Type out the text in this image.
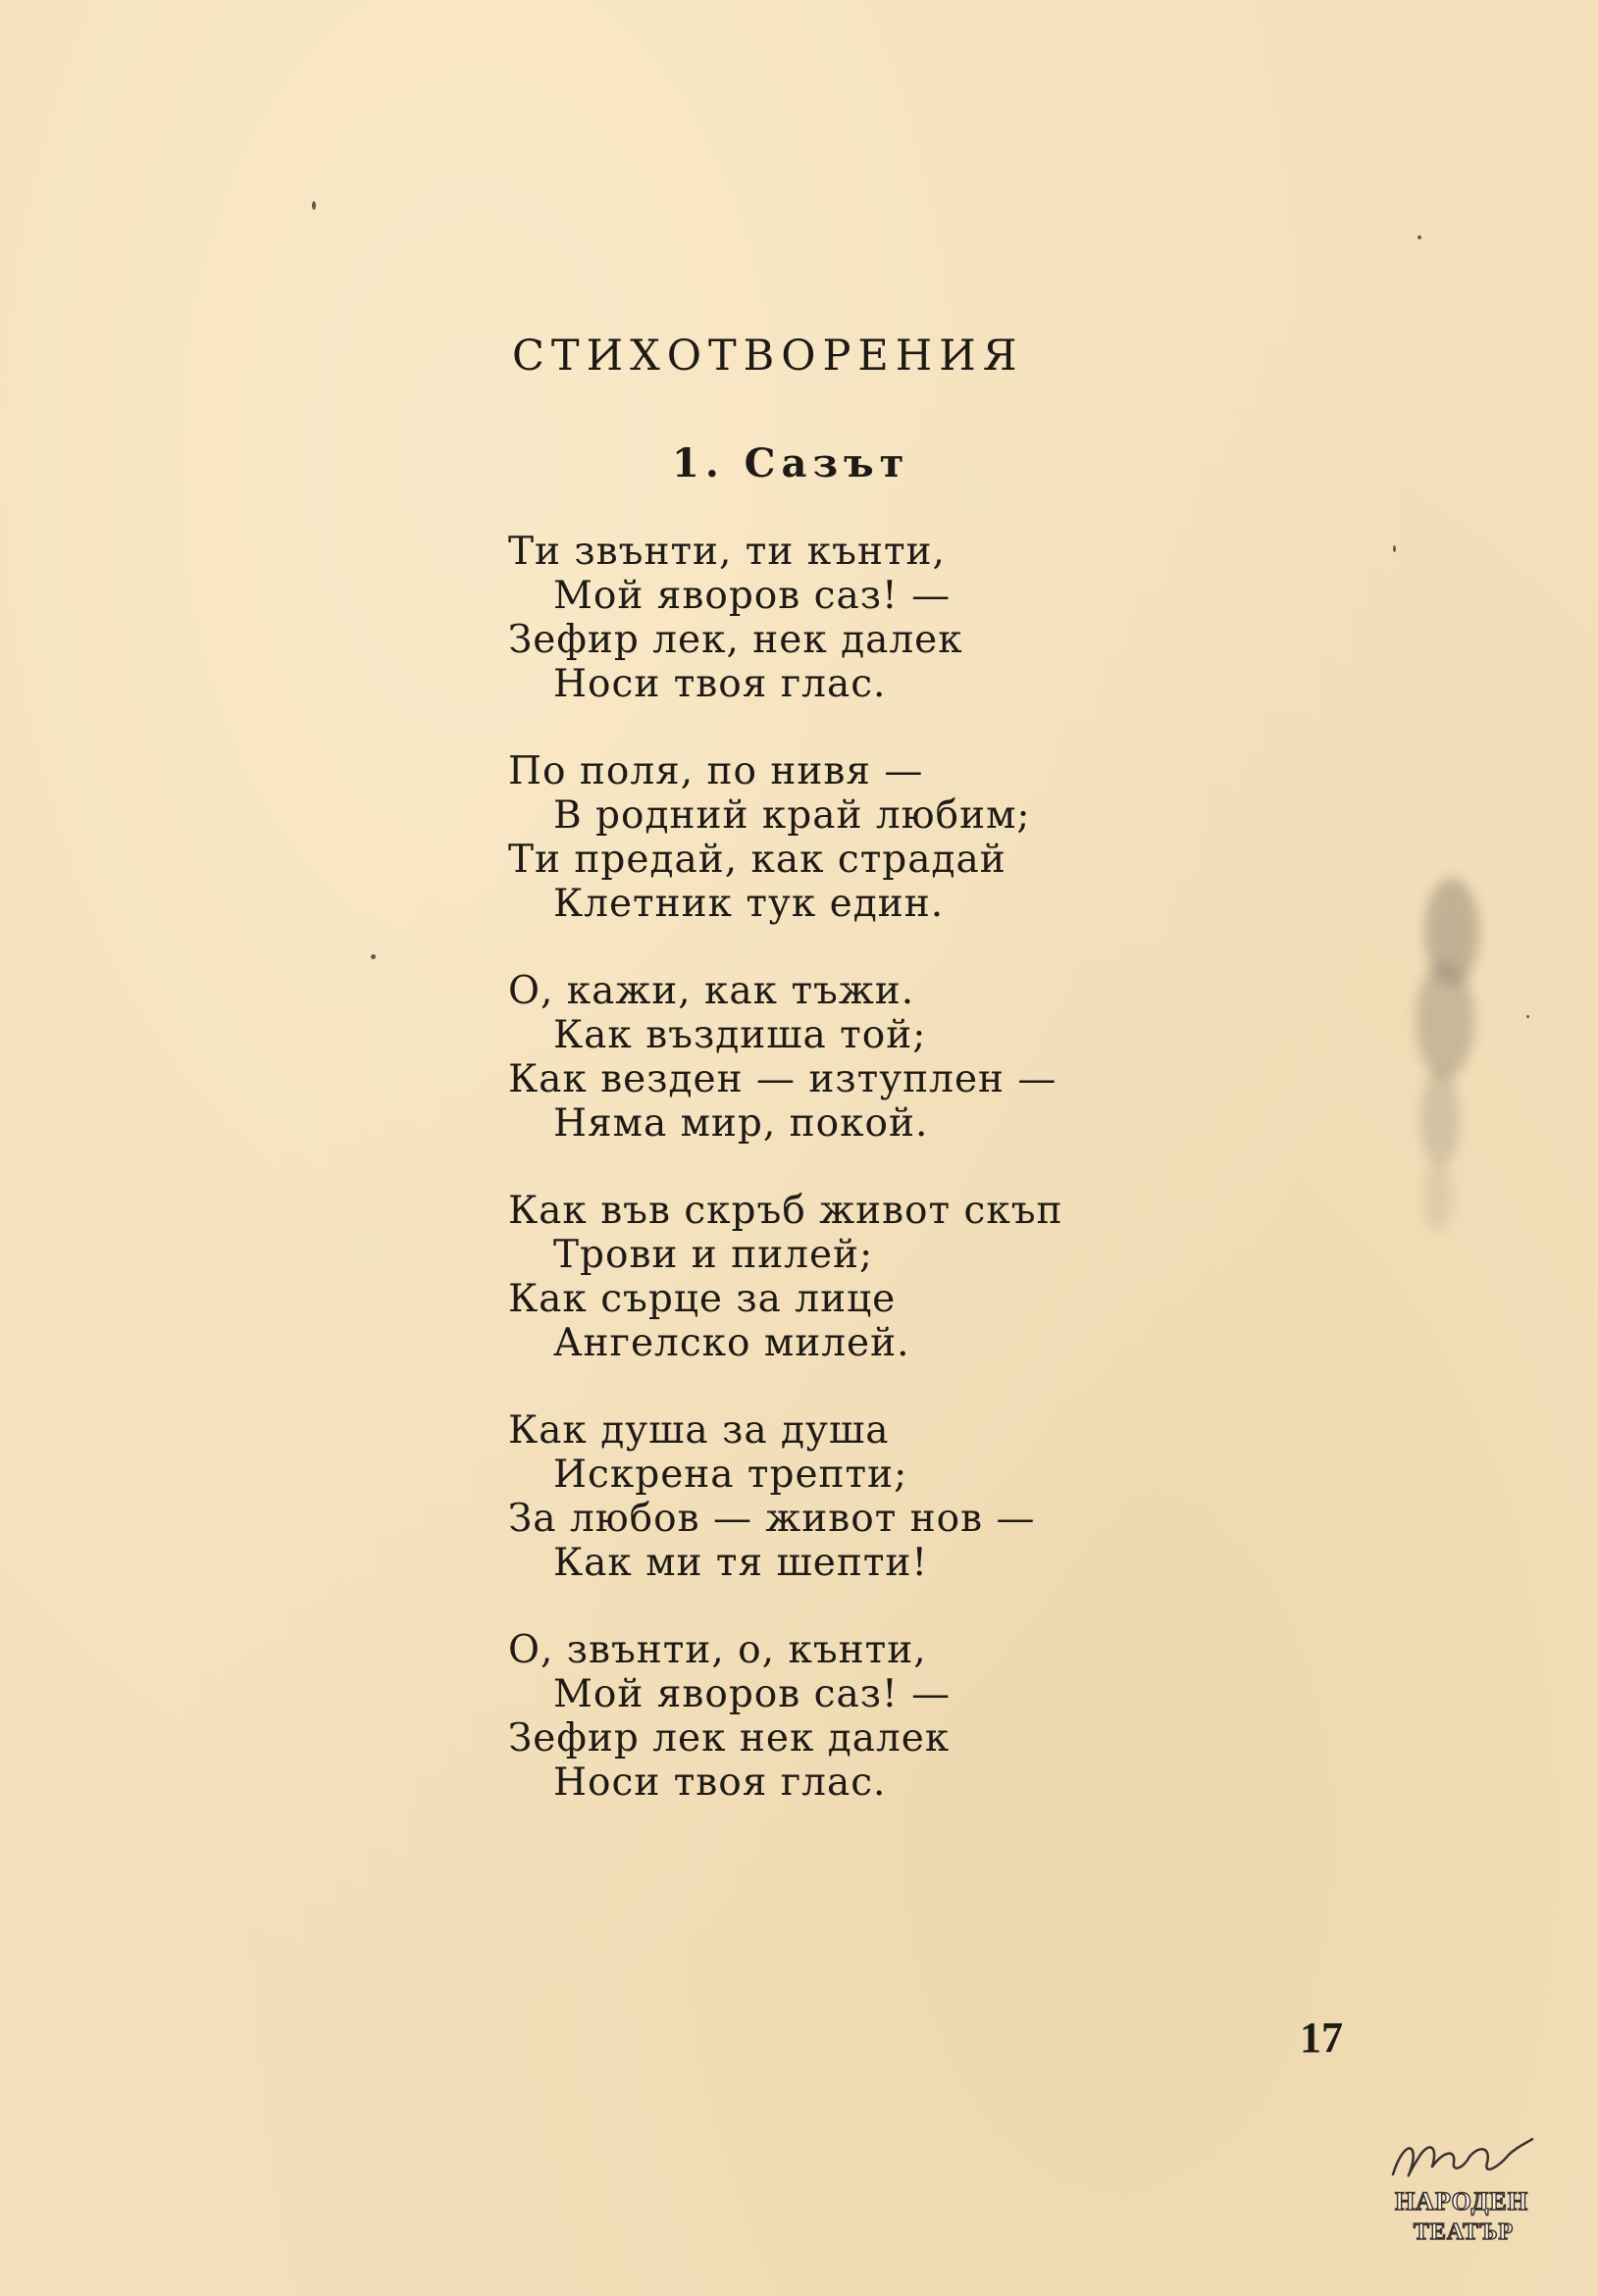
СТИХОТВОРЕНИЯ
1. Сазът
Ти звънти, ти кънти,
Мой яворов саз! —
Зефир лек, нек далек
Носи твоя глас.
По поля, по нивя —
В родний край любим;
Ти предай, как страдай
Клетник тук един.
О, кажи, как тъжи.
Как въздиша той;
Как везден — изтуплен —
Няма мир, покой.
Как във скръб живот скъп
Трови и пилей;
Как сърце за лице
Ангелско милей.
Как душа за душа
Искрена трепти;
За любов — живот нов —
Как ми тя шепти!
О, звънти, о, кънти,
Мой яворов саз! —
Зефир лек нек далек
Носи твоя глас.
17
НАРОДЕН
ТЕАТЪР
